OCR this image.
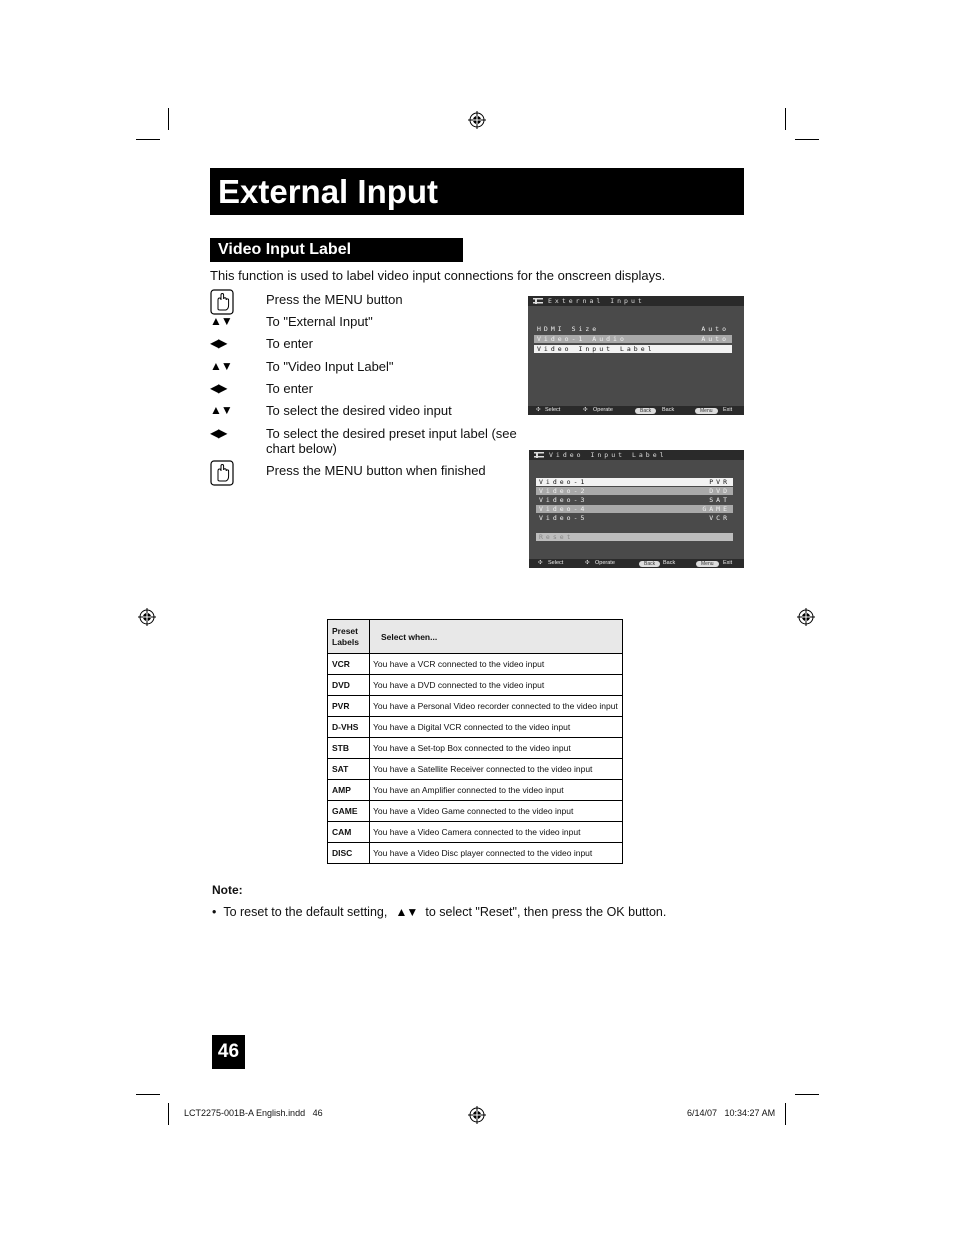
External Input
Video Input Label
This function is used to label video input connections for the onscreen displays.
Press the MENU button
▲▼	To "External Input"
◀▶	To enter
▲▼	To "Video Input Label"
◀▶	To enter
▲▼	To select the desired video input
◀▶	To select the desired preset input label (see chart below)
Press the MENU button when finished
External Input
HDMI Size	Auto
Video-1 Audio	Auto
Video Input Label
✣ Select	✣ Operate	Back	Back	Menu	Exit
Video Input Label
Video-1	PVR
Video-2	DVD
Video-3	SAT
Video-4	GAME
Video-5	VCR
Reset
✣ Select	✣ Operate	Back	Back	Menu	Exit
Preset Labels	Select when...
VCR	You have a VCR connected to the video input
DVD	You have a DVD connected to the video input
PVR	You have a Personal Video recorder connected to the video input
D-VHS	You have a Digital VCR connected to the video input
STB	You have a Set-top Box connected to the video input
SAT	You have a Satellite Receiver connected to the video input
AMP	You have an Amplifier connected to the video input
GAME	You have a Video Game connected to the video input
CAM	You have a Video Camera connected to the video input
DISC	You have a Video Disc player connected to the video input
Note:
•  To reset to the default setting,   ▲▼   to select "Reset", then press the OK button.
46
LCT2275-001B-A English.indd   46	6/14/07   10:34:27 AM
